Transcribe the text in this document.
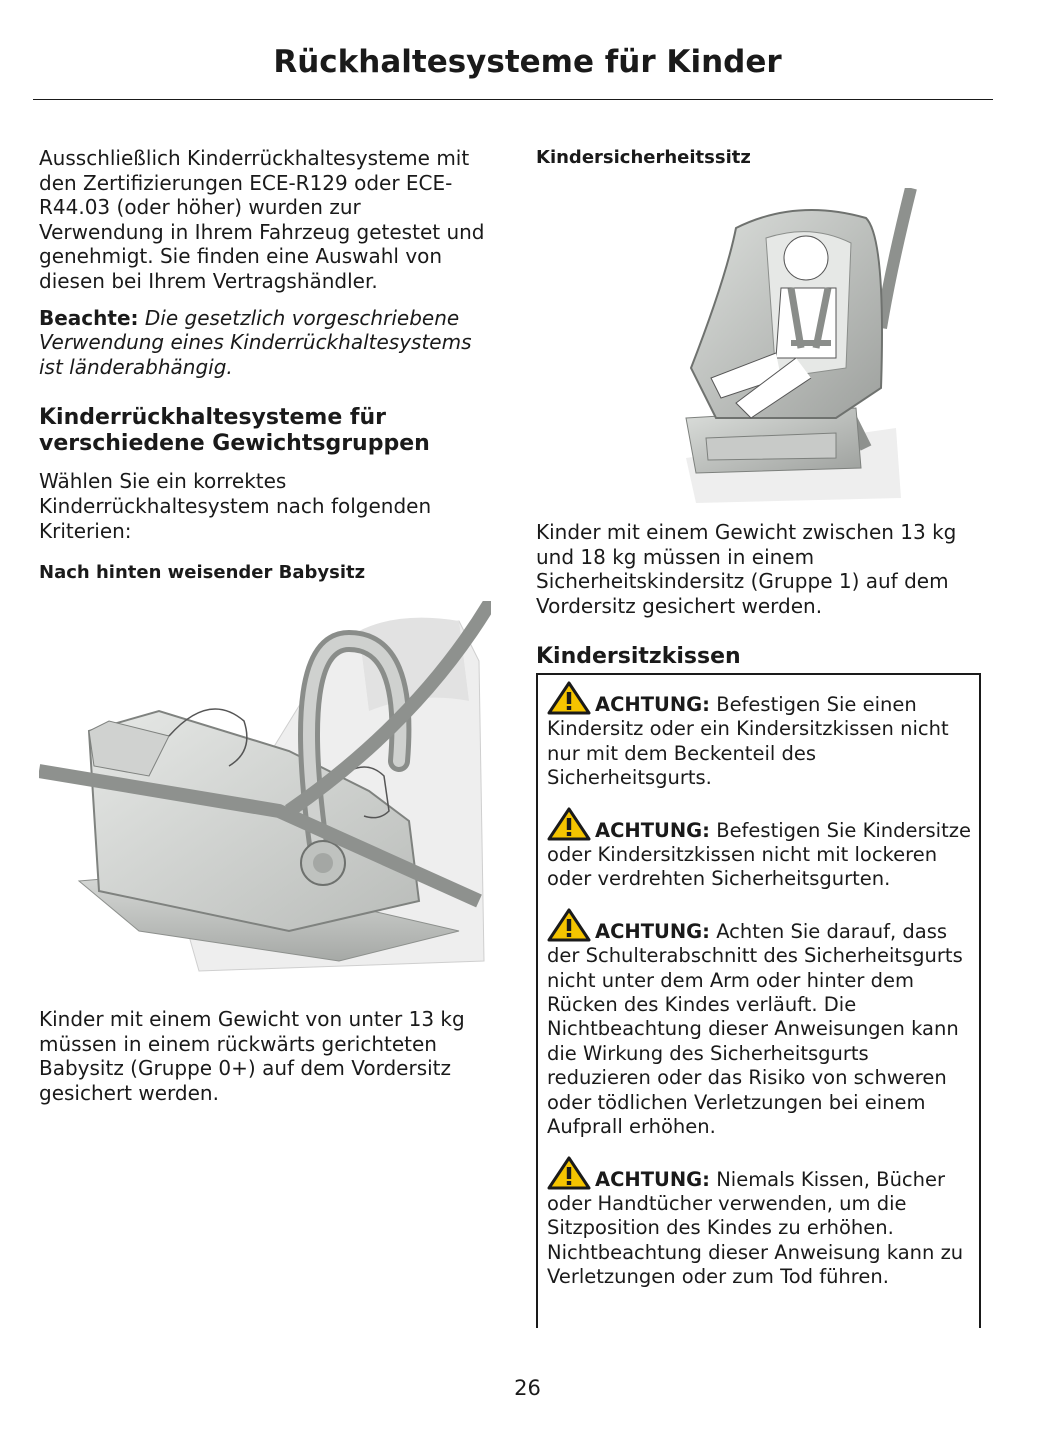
Rückhaltesysteme für Kinder

Ausschließlich Kinderrückhaltesysteme mit den Zertifizierungen ECE-R129 oder ECE-R44.03 (oder höher) wurden zur Verwendung in Ihrem Fahrzeug getestet und genehmigt. Sie finden eine Auswahl von diesen bei Ihrem Vertragshändler.

Beachte: Die gesetzlich vorgeschriebene Verwendung eines Kinderrückhaltesystems ist länderabhängig.

Kinderrückhaltesysteme für verschiedene Gewichtsgruppen

Wählen Sie ein korrektes Kinderrückhaltesystem nach folgenden Kriterien:

Nach hinten weisender Babysitz

Kinder mit einem Gewicht von unter 13 kg müssen in einem rückwärts gerichteten Babysitz (Gruppe 0+) auf dem Vordersitz gesichert werden.

Kindersicherheitssitz

Kinder mit einem Gewicht zwischen 13 kg und 18 kg müssen in einem Sicherheitskindersitz (Gruppe 1) auf dem Vordersitz gesichert werden.

Kindersitzkissen
ACHTUNG: Befestigen Sie einen Kindersitz oder ein Kindersitzkissen nicht nur mit dem Beckenteil des Sicherheitsgurts.
ACHTUNG: Befestigen Sie Kindersitze oder Kindersitzkissen nicht mit lockeren oder verdrehten Sicherheitsgurten.
ACHTUNG: Achten Sie darauf, dass der Schulterabschnitt des Sicherheitsgurts nicht unter dem Arm oder hinter dem Rücken des Kindes verläuft. Die Nichtbeachtung dieser Anweisungen kann die Wirkung des Sicherheitsgurts reduzieren oder das Risiko von schweren oder tödlichen Verletzungen bei einem Aufprall erhöhen.
ACHTUNG: Niemals Kissen, Bücher oder Handtücher verwenden, um die Sitzposition des Kindes zu erhöhen. Nichtbeachtung dieser Anweisung kann zu Verletzungen oder zum Tod führen.
26
